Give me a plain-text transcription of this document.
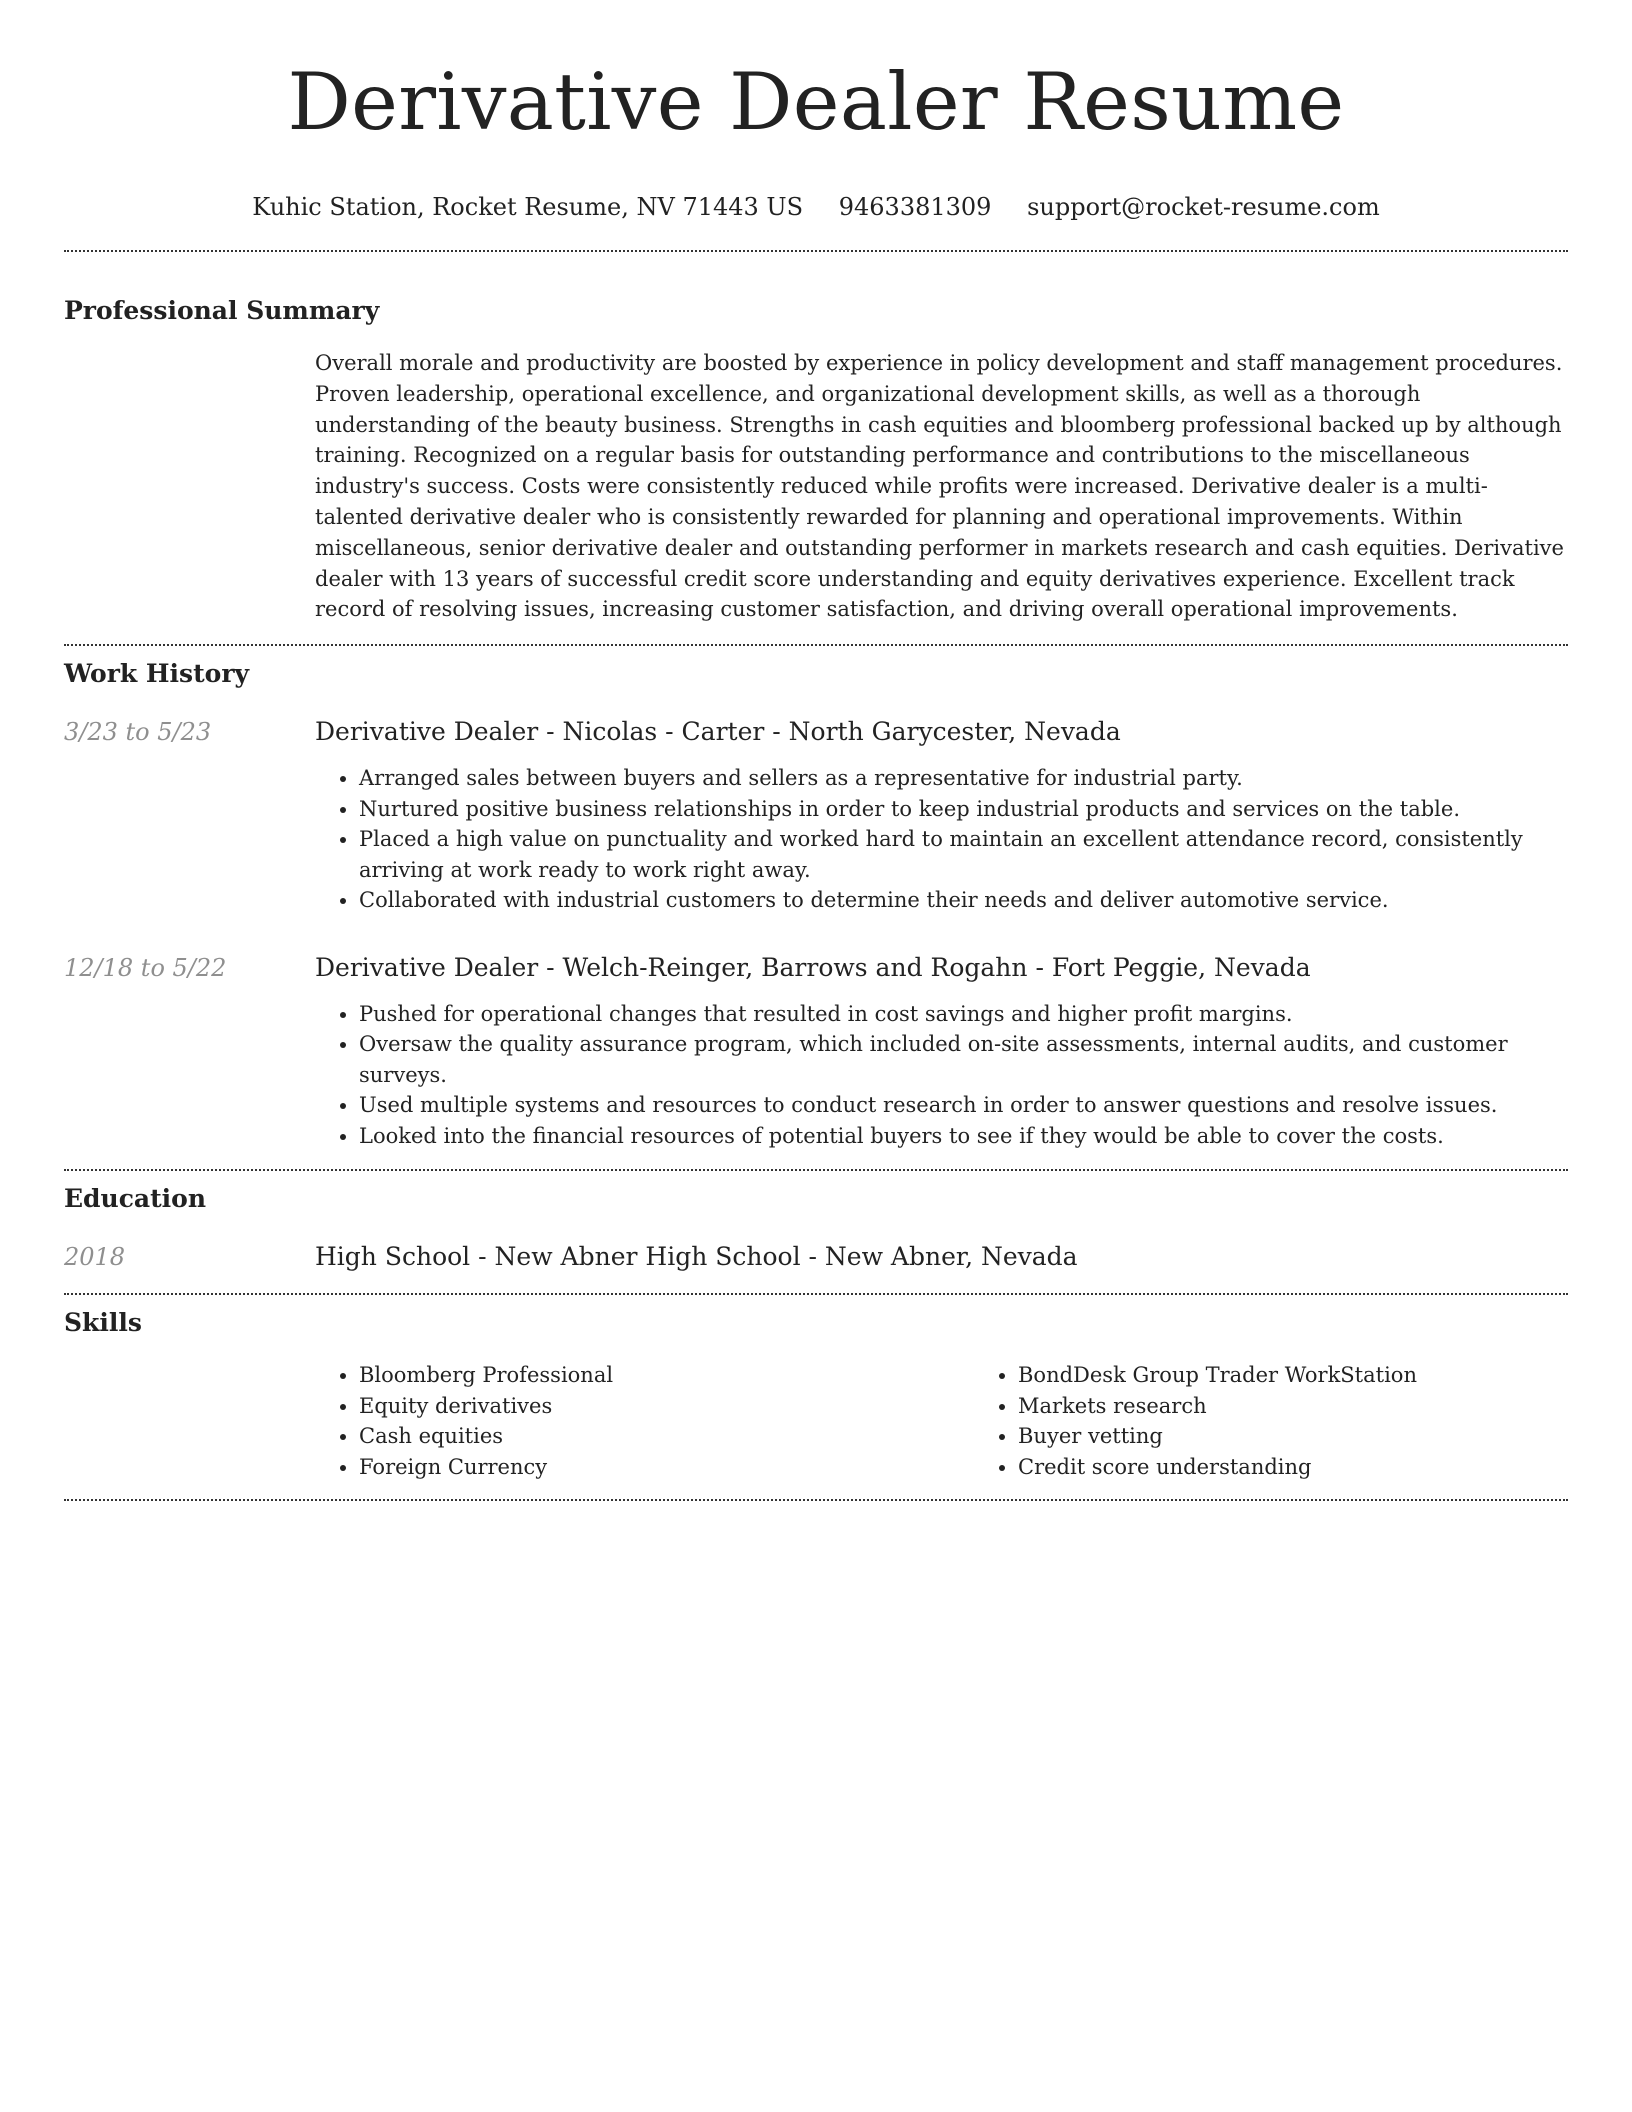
Derivative Dealer Resume
Kuhic Station, Rocket Resume, NV 71443 US 9463381309 support@rocket-resume.com
Professional Summary

Overall morale and productivity are boosted by experience in policy development and staff management procedures. Proven leadership, operational excellence, and organizational development skills, as well as a thorough understanding of the beauty business. Strengths in cash equities and bloomberg professional backed up by although training. Recognized on a regular basis for outstanding performance and contributions to the miscellaneous industry's success. Costs were consistently reduced while profits were increased. Derivative dealer is a multi-talented derivative dealer who is consistently rewarded for planning and operational improvements. Within miscellaneous, senior derivative dealer and outstanding performer in markets research and cash equities. Derivative dealer with 13 years of successful credit score understanding and equity derivatives experience. Excellent track record of resolving issues, increasing customer satisfaction, and driving overall operational improvements.

Work History
3/23 to 5/23	Derivative Dealer - Nicolas - Carter - North Garycester, Nevada
• Arranged sales between buyers and sellers as a representative for industrial party.
• Nurtured positive business relationships in order to keep industrial products and services on the table.
• Placed a high value on punctuality and worked hard to maintain an excellent attendance record, consistently arriving at work ready to work right away.
• Collaborated with industrial customers to determine their needs and deliver automotive service.
12/18 to 5/22	Derivative Dealer - Welch-Reinger, Barrows and Rogahn - Fort Peggie, Nevada
• Pushed for operational changes that resulted in cost savings and higher profit margins.
• Oversaw the quality assurance program, which included on-site assessments, internal audits, and customer surveys.
• Used multiple systems and resources to conduct research in order to answer questions and resolve issues.
• Looked into the financial resources of potential buyers to see if they would be able to cover the costs.
Education
2018	High School - New Abner High School - New Abner, Nevada
Skills
• Bloomberg Professional
• Equity derivatives
• Cash equities
• Foreign Currency
• BondDesk Group Trader WorkStation
• Markets research
• Buyer vetting
• Credit score understanding
